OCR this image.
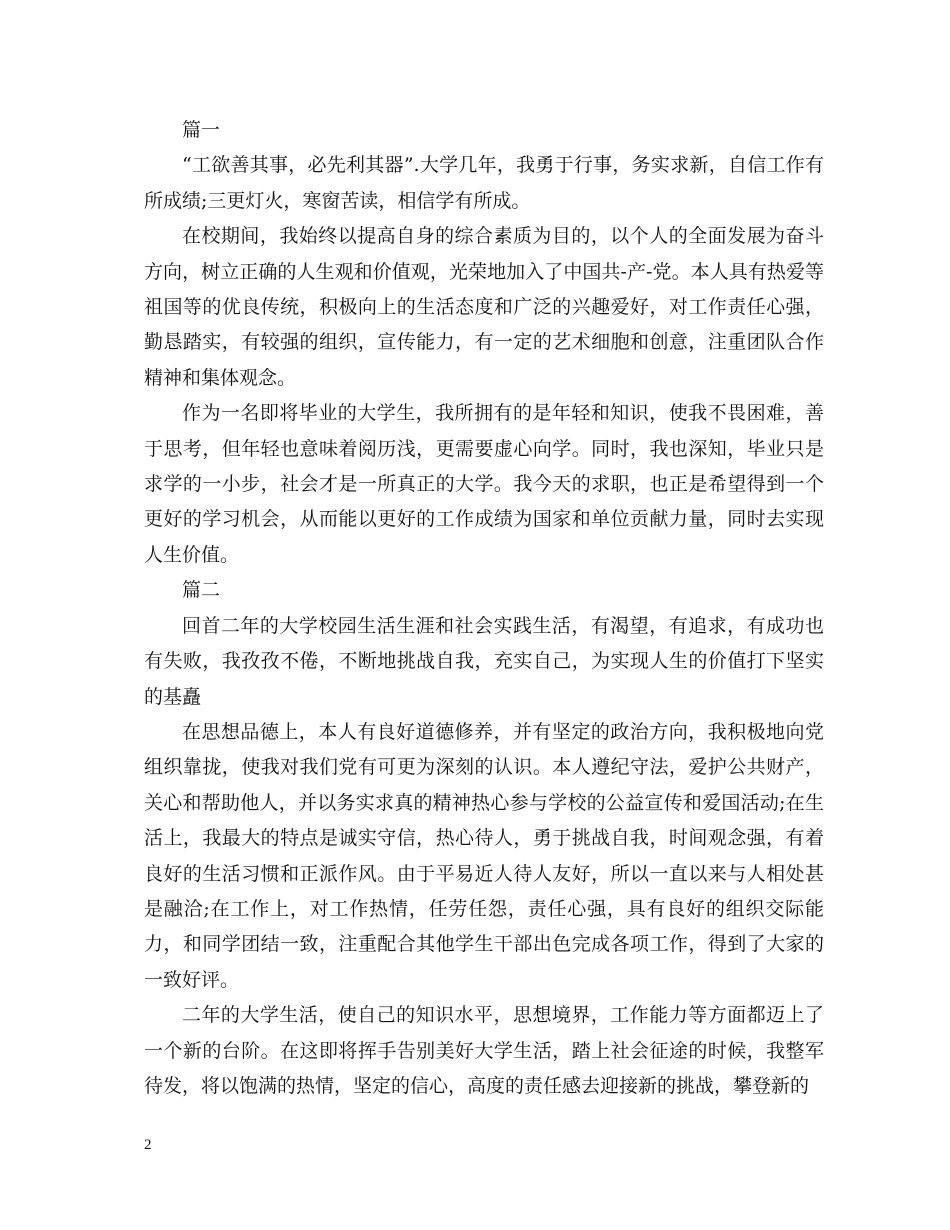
篇一

“工欲善其事，必先利其器”.大学几年，我勇于行事，务实求新，自信工作有所成绩;三更灯火，寒窗苦读，相信学有所成。

在校期间，我始终以提高自身的综合素质为目的，以个人的全面发展为奋斗方向，树立正确的人生观和价值观，光荣地加入了中国共-产-党。本人具有热爱等祖国等的优良传统，积极向上的生活态度和广泛的兴趣爱好，对工作责任心强，勤恳踏实，有较强的组织，宣传能力，有一定的艺术细胞和创意，注重团队合作精神和集体观念。

作为一名即将毕业的大学生，我所拥有的是年轻和知识，使我不畏困难，善于思考，但年轻也意味着阅历浅，更需要虚心向学。同时，我也深知，毕业只是求学的一小步，社会才是一所真正的大学。我今天的求职，也正是希望得到一个更好的学习机会，从而能以更好的工作成绩为国家和单位贡献力量，同时去实现人生价值。

篇二

回首二年的大学校园生活生涯和社会实践生活，有渴望，有追求，有成功也有失败，我孜孜不倦，不断地挑战自我，充实自己，为实现人生的价值打下坚实的基矗

在思想品德上，本人有良好道德修养，并有坚定的政治方向，我积极地向党组织靠拢，使我对我们党有可更为深刻的认识。本人遵纪守法，爱护公共财产，关心和帮助他人，并以务实求真的精神热心参与学校的公益宣传和爱国活动;在生活上，我最大的特点是诚实守信，热心待人，勇于挑战自我，时间观念强，有着良好的生活习惯和正派作风。由于平易近人待人友好，所以一直以来与人相处甚是融洽;在工作上，对工作热情，任劳任怨，责任心强，具有良好的组织交际能力，和同学团结一致，注重配合其他学生干部出色完成各项工作，得到了大家的一致好评。

二年的大学生活，使自己的知识水平，思想境界，工作能力等方面都迈上了一个新的台阶。在这即将挥手告别美好大学生活，踏上社会征途的时候，我整军待发，将以饱满的热情，坚定的信心，高度的责任感去迎接新的挑战，攀登新的

2
